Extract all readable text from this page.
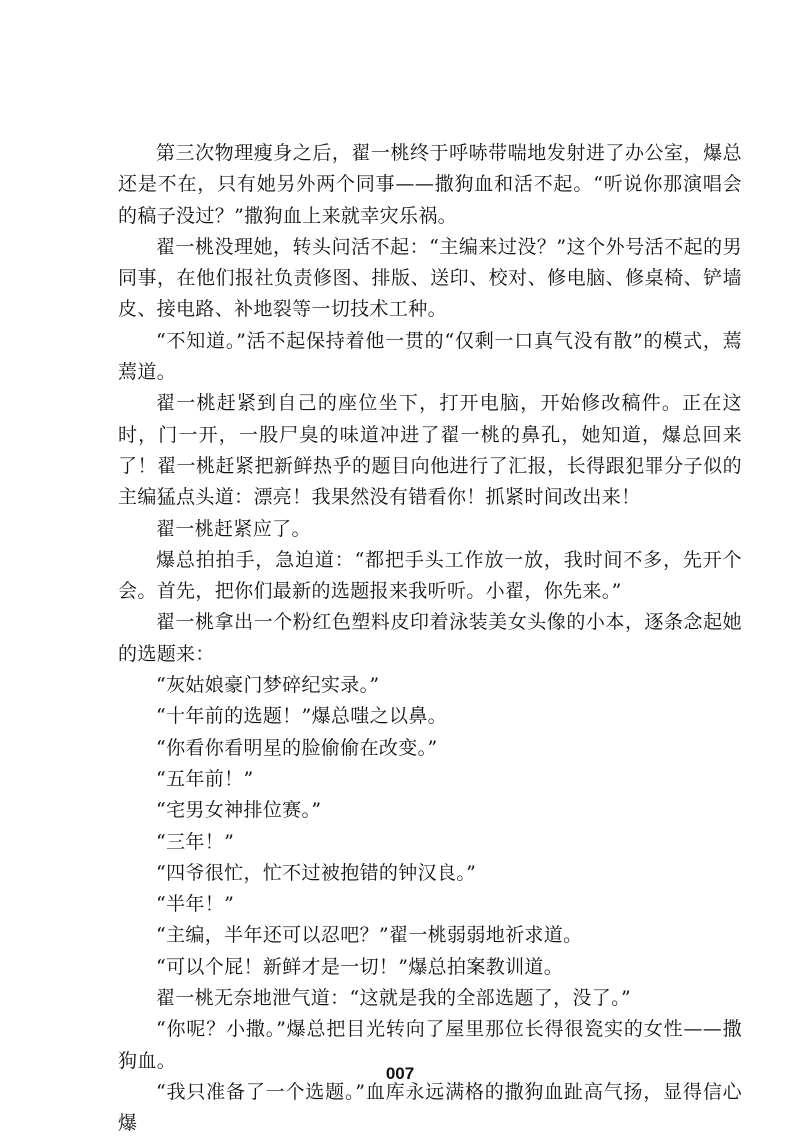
第三次物理瘦身之后，翟一桃终于呼哧带喘地发射进了办公室，爆总还是不在，只有她另外两个同事——撒狗血和活不起。“听说你那演唱会的稿子没过？”撒狗血上来就幸灾乐祸。

翟一桃没理她，转头问活不起：“主编来过没？”这个外号活不起的男同事，在他们报社负责修图、排版、送印、校对、修电脑、修桌椅、铲墙皮、接电路、补地裂等一切技术工种。

“不知道。”活不起保持着他一贯的“仅剩一口真气没有散”的模式，蔫蔫道。

翟一桃赶紧到自己的座位坐下，打开电脑，开始修改稿件。正在这时，门一开，一股尸臭的味道冲进了翟一桃的鼻孔，她知道，爆总回来了！翟一桃赶紧把新鲜热乎的题目向他进行了汇报，长得跟犯罪分子似的主编猛点头道：漂亮！我果然没有错看你！抓紧时间改出来！

翟一桃赶紧应了。

爆总拍拍手，急迫道：“都把手头工作放一放，我时间不多，先开个会。首先，把你们最新的选题报来我听听。小翟，你先来。”

翟一桃拿出一个粉红色塑料皮印着泳装美女头像的小本，逐条念起她的选题来：

“灰姑娘豪门梦碎纪实录。”

“十年前的选题！”爆总嗤之以鼻。

“你看你看明星的脸偷偷在改变。”

“五年前！”

“宅男女神排位赛。”

“三年！”

“四爷很忙，忙不过被抱错的钟汉良。”

“半年！”

“主编，半年还可以忍吧？”翟一桃弱弱地祈求道。

“可以个屁！新鲜才是一切！”爆总拍案教训道。

翟一桃无奈地泄气道：“这就是我的全部选题了，没了。”

“你呢？小撒。”爆总把目光转向了屋里那位长得很瓷实的女性——撒狗血。

“我只准备了一个选题。”血库永远满格的撒狗血趾高气扬，显得信心爆

007
